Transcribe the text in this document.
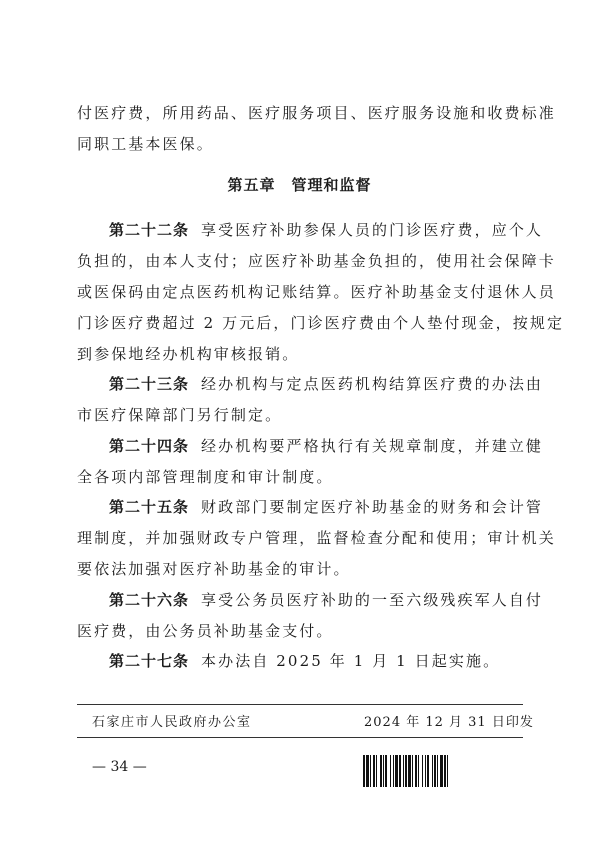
付医疗费，所用药品、医疗服务项目、医疗服务设施和收费标准
同职工基本医保。
第五章　管理和监督
第二十二条 享受医疗补助参保人员的门诊医疗费，应个人
负担的，由本人支付；应医疗补助基金负担的，使用社会保障卡
或医保码由定点医药机构记账结算。医疗补助基金支付退休人员
门诊医疗费超过 2 万元后，门诊医疗费由个人垫付现金，按规定
到参保地经办机构审核报销。
第二十三条 经办机构与定点医药机构结算医疗费的办法由
市医疗保障部门另行制定。
第二十四条 经办机构要严格执行有关规章制度，并建立健
全各项内部管理制度和审计制度。
第二十五条 财政部门要制定医疗补助基金的财务和会计管
理制度，并加强财政专户管理，监督检查分配和使用；审计机关
要依法加强对医疗补助基金的审计。
第二十六条 享受公务员医疗补助的一至六级残疾军人自付
医疗费，由公务员补助基金支付。
第二十七条 本办法自 2025 年 1 月 1 日起实施。
石家庄市人民政府办公室	2024 年 12 月 31 日印发
— 34 —
